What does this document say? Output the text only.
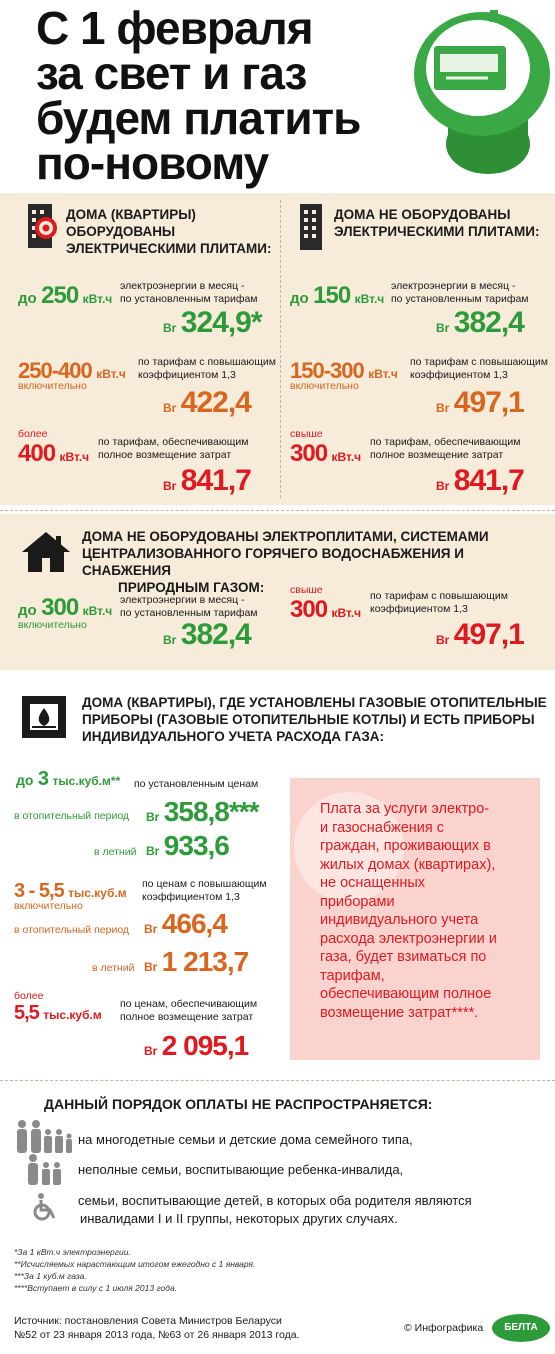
С 1 февраля
за свет и газ
будем платить
по-новому
ДОМА (КВАРТИРЫ)
ОБОРУДОВАНЫ
ЭЛЕКТРИЧЕСКИМИ ПЛИТАМИ:
ДОМА НЕ ОБОРУДОВАНЫ
ЭЛЕКТРИЧЕСКИМИ ПЛИТАМИ:
до 250 кВт.ч
электроэнергии в месяц -
по установленным тарифам
Br 324,9*
250-400 кВт.ч
включительно
по тарифам с повышающим
коэффициентом 1,3
Br 422,4
более
400 кВт.ч
по тарифам, обеспечивающим
полное возмещение затрат
Br 841,7
до 150 кВт.ч
электроэнергии в месяц -
по установленным тарифам
Br 382,4
150-300 кВт.ч
включительно
по тарифам с повышающим
коэффициентом 1,3
Br 497,1
свыше
300 кВт.ч
по тарифам, обеспечивающим
полное возмещение затрат
Br 841,7
ДОМА НЕ ОБОРУДОВАНЫ ЭЛЕКТРОПЛИТАМИ, СИСТЕМАМИ
ЦЕНТРАЛИЗОВАННОГО ГОРЯЧЕГО ВОДОСНАБЖЕНИЯ И СНАБЖЕНИЯ
ПРИРОДНЫМ ГАЗОМ:
до 300 кВт.ч
включительно
электроэнергии в месяц -
по установленным тарифам
Br 382,4
свыше
300 кВт.ч
по тарифам с повышающим
коэффициентом 1,3
Br 497,1
ДОМА (КВАРТИРЫ), ГДЕ УСТАНОВЛЕНЫ ГАЗОВЫЕ ОТОПИТЕЛЬНЫЕ
ПРИБОРЫ (ГАЗОВЫЕ ОТОПИТЕЛЬНЫЕ КОТЛЫ) И ЕСТЬ ПРИБОРЫ
ИНДИВИДУАЛЬНОГО УЧЕТА РАСХОДА ГАЗА:
до 3 тыс.куб.м** по установленным ценам
в отопительный период Br 358,8***
в летний Br 933,6
3 - 5,5 тыс.куб.м
включительно
по ценам с повышающим
коэффициентом 1,3
в отопительный период Br 466,4
в летний Br 1 213,7
более
5,5 тыс.куб.м
по ценам, обеспечивающим
полное возмещение затрат
Br 2 095,1
Плата за услуги электро-
и газоснабжения с
граждан, проживающих в
жилых домах (квартирах),
не оснащенных
приборами
индивидуального учета
расхода электроэнергии и
газа, будет взиматься по
тарифам,
обеспечивающим полное
возмещение затрат****.
ДАННЫЙ ПОРЯДОК ОПЛАТЫ НЕ РАСПРОСТРАНЯЕТСЯ:
на многодетные семьи и детские дома семейного типа,
неполные семьи, воспитывающие ребенка-инвалида,
семьи, воспитывающие детей, в которых оба родителя являются
инвалидами I и II группы, некоторых других случаях.
*За 1 кВт.ч электроэнергии.
**Исчисляемых нарастающим итогом ежегодно с 1 января.
***За 1 куб.м газа.
****Вступает в силу с 1 июля 2013 года.
Источник: постановления Совета Министров Беларуси
№52 от 23 января 2013 года, №63 от 26 января 2013 года.
© Инфографика	БЕЛТА
